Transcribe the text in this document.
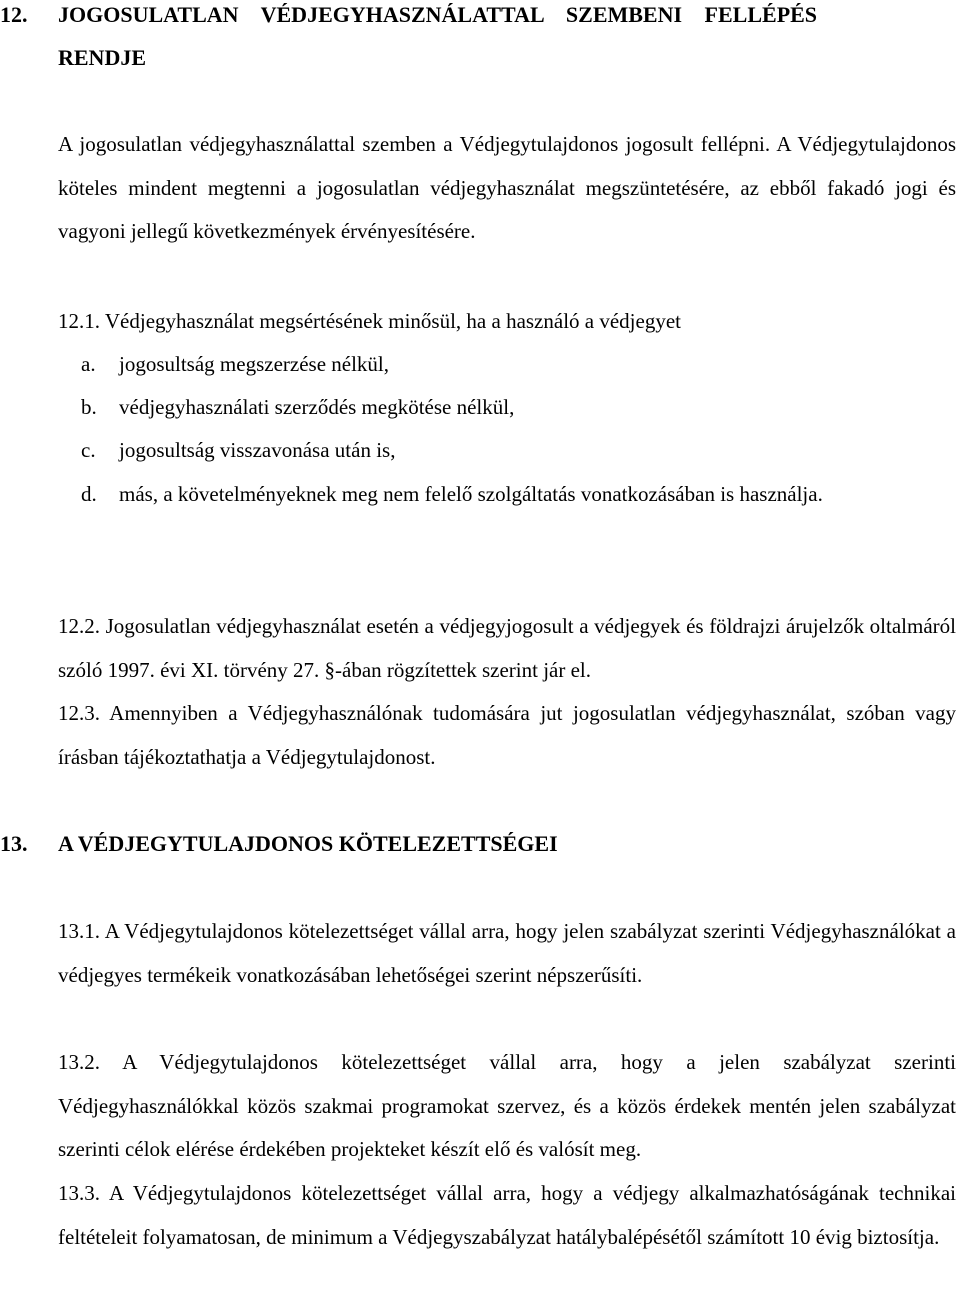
12. JOGOSULATLAN VÉDJEGYHASZNÁLATTAL SZEMBENI FELLÉPÉS
RENDJE
A jogosulatlan védjegyhasználattal szemben a Védjegytulajdonos jogosult fellépni. A Védjegytulajdonos köteles mindent megtenni a jogosulatlan védjegyhasználat megszüntetésére, az ebből fakadó jogi és vagyoni jellegű következmények érvényesítésére.
12.1. Védjegyhasználat megsértésének minősül, ha a használó a védjegyet
a. jogosultság megszerzése nélkül,
b. védjegyhasználati szerződés megkötése nélkül,
c. jogosultság visszavonása után is,
d. más, a követelményeknek meg nem felelő szolgáltatás vonatkozásában is használja.
12.2. Jogosulatlan védjegyhasználat esetén a védjegyjogosult a védjegyek és földrajzi árujelzők oltalmáról szóló 1997. évi XI. törvény 27. §-ában rögzítettek szerint jár el.
12.3. Amennyiben a Védjegyhasználónak tudomására jut jogosulatlan védjegyhasználat, szóban vagy írásban tájékoztathatja a Védjegytulajdonost.
13. A VÉDJEGYTULAJDONOS KÖTELEZETTSÉGEI
13.1. A Védjegytulajdonos kötelezettséget vállal arra, hogy jelen szabályzat szerinti Védjegyhasználókat a védjegyes termékeik vonatkozásában lehetőségei szerint népszerűsíti.
13.2. A Védjegytulajdonos kötelezettséget vállal arra, hogy a jelen szabályzat szerinti Védjegyhasználókkal közös szakmai programokat szervez, és a közös érdekek mentén jelen szabályzat szerinti célok elérése érdekében projekteket készít elő és valósít meg.
13.3. A Védjegytulajdonos kötelezettséget vállal arra, hogy a védjegy alkalmazhatóságának technikai feltételeit folyamatosan, de minimum a Védjegyszabályzat hatálybalépésétől számított 10 évig biztosítja.
